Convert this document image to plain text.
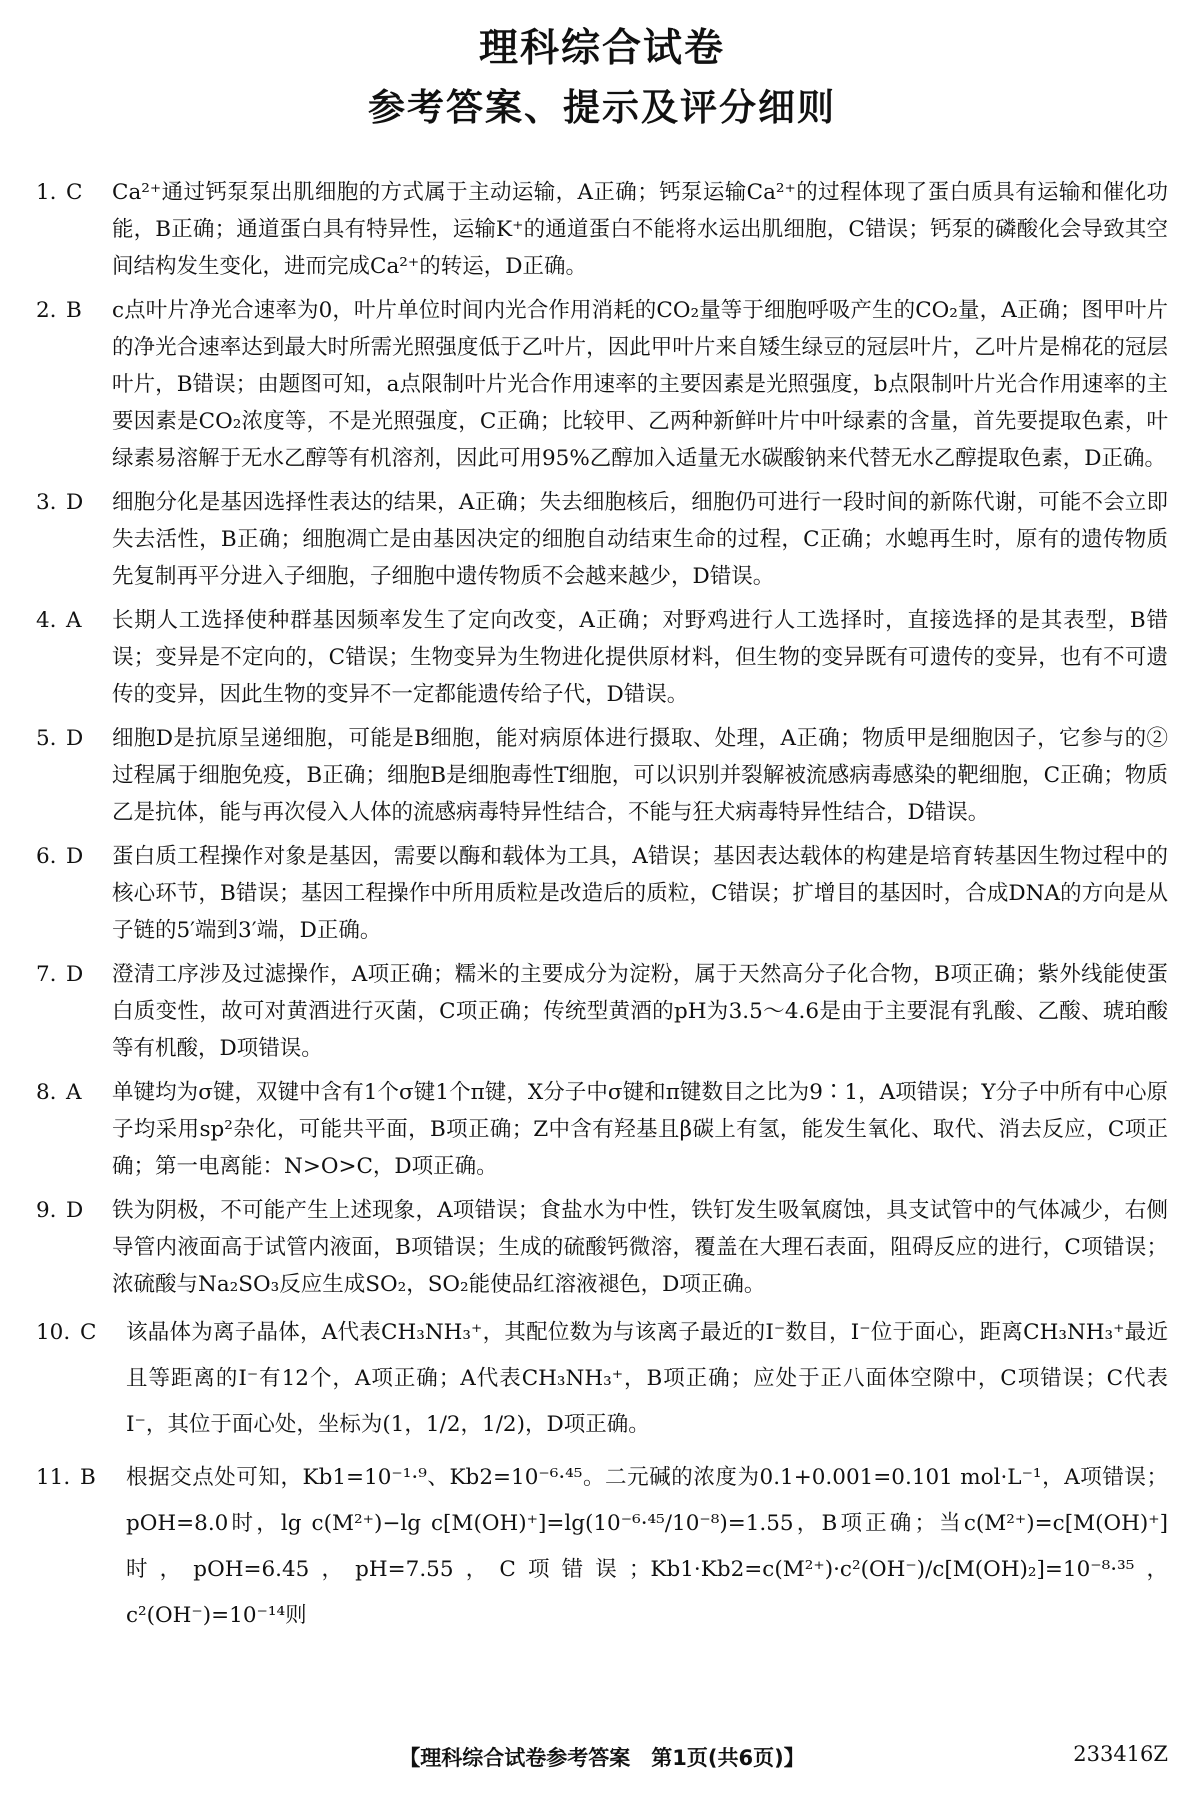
理科综合试卷
参考答案、提示及评分细则
1. C	Ca²⁺通过钙泵泵出肌细胞的方式属于主动运输，A正确；钙泵运输Ca²⁺的过程体现了蛋白质具有运输和催化功能，B正确；通道蛋白具有特异性，运输K⁺的通道蛋白不能将水运出肌细胞，C错误；钙泵的磷酸化会导致其空间结构发生变化，进而完成Ca²⁺的转运，D正确。
2. B	c点叶片净光合速率为0，叶片单位时间内光合作用消耗的CO₂量等于细胞呼吸产生的CO₂量，A正确；图甲叶片的净光合速率达到最大时所需光照强度低于乙叶片，因此甲叶片来自矮生绿豆的冠层叶片，乙叶片是棉花的冠层叶片，B错误；由题图可知，a点限制叶片光合作用速率的主要因素是光照强度，b点限制叶片光合作用速率的主要因素是CO₂浓度等，不是光照强度，C正确；比较甲、乙两种新鲜叶片中叶绿素的含量，首先要提取色素，叶绿素易溶解于无水乙醇等有机溶剂，因此可用95%乙醇加入适量无水碳酸钠来代替无水乙醇提取色素，D正确。
3. D	细胞分化是基因选择性表达的结果，A正确；失去细胞核后，细胞仍可进行一段时间的新陈代谢，可能不会立即失去活性，B正确；细胞凋亡是由基因决定的细胞自动结束生命的过程，C正确；水螅再生时，原有的遗传物质先复制再平分进入子细胞，子细胞中遗传物质不会越来越少，D错误。
4. A	长期人工选择使种群基因频率发生了定向改变，A正确；对野鸡进行人工选择时，直接选择的是其表型，B错误；变异是不定向的，C错误；生物变异为生物进化提供原材料，但生物的变异既有可遗传的变异，也有不可遗传的变异，因此生物的变异不一定都能遗传给子代，D错误。
5. D	细胞D是抗原呈递细胞，可能是B细胞，能对病原体进行摄取、处理，A正确；物质甲是细胞因子，它参与的②过程属于细胞免疫，B正确；细胞B是细胞毒性T细胞，可以识别并裂解被流感病毒感染的靶细胞，C正确；物质乙是抗体，能与再次侵入人体的流感病毒特异性结合，不能与狂犬病毒特异性结合，D错误。
6. D	蛋白质工程操作对象是基因，需要以酶和载体为工具，A错误；基因表达载体的构建是培育转基因生物过程中的核心环节，B错误；基因工程操作中所用质粒是改造后的质粒，C错误；扩增目的基因时，合成DNA的方向是从子链的5′端到3′端，D正确。
7. D	澄清工序涉及过滤操作，A项正确；糯米的主要成分为淀粉，属于天然高分子化合物，B项正确；紫外线能使蛋白质变性，故可对黄酒进行灭菌，C项正确；传统型黄酒的pH为3.5～4.6是由于主要混有乳酸、乙酸、琥珀酸等有机酸，D项错误。
8. A	单键均为σ键，双键中含有1个σ键1个π键，X分子中σ键和π键数目之比为9∶1，A项错误；Y分子中所有中心原子均采用sp²杂化，可能共平面，B项正确；Z中含有羟基且β碳上有氢，能发生氧化、取代、消去反应，C项正确；第一电离能：N>O>C，D项正确。
9. D	铁为阴极，不可能产生上述现象，A项错误；食盐水为中性，铁钉发生吸氧腐蚀，具支试管中的气体减少，右侧导管内液面高于试管内液面，B项错误；生成的硫酸钙微溶，覆盖在大理石表面，阻碍反应的进行，C项错误；浓硫酸与Na₂SO₃反应生成SO₂，SO₂能使品红溶液褪色，D项正确。
10. C	该晶体为离子晶体，A代表CH₃NH₃⁺，其配位数为与该离子最近的I⁻数目，I⁻位于面心，距离CH₃NH₃⁺最近且等距离的I⁻有12个，A项正确；A代表CH₃NH₃⁺，B项正确；应处于正八面体空隙中，C项错误；C代表I⁻，其位于面心处，坐标为(1，1/2，1/2)，D项正确。
11. B	根据交点处可知，Kb1=10⁻¹·⁹、Kb2=10⁻⁶·⁴⁵。二元碱的浓度为0.1+0.001=0.101 mol·L⁻¹，A项错误；pOH=8.0时，lg c(M²⁺)−lg c[M(OH)⁺]=lg(10⁻⁶·⁴⁵/10⁻⁸)=1.55，B项正确；当c(M²⁺)=c[M(OH)⁺]时，pOH=6.45，pH=7.55，C项错误；Kb1·Kb2=c(M²⁺)·c²(OH⁻)/c[M(OH)₂]=10⁻⁸·³⁵，c²(OH⁻)=10⁻¹⁴则
【理科综合试卷参考答案　第1页(共6页)】	233416Z
